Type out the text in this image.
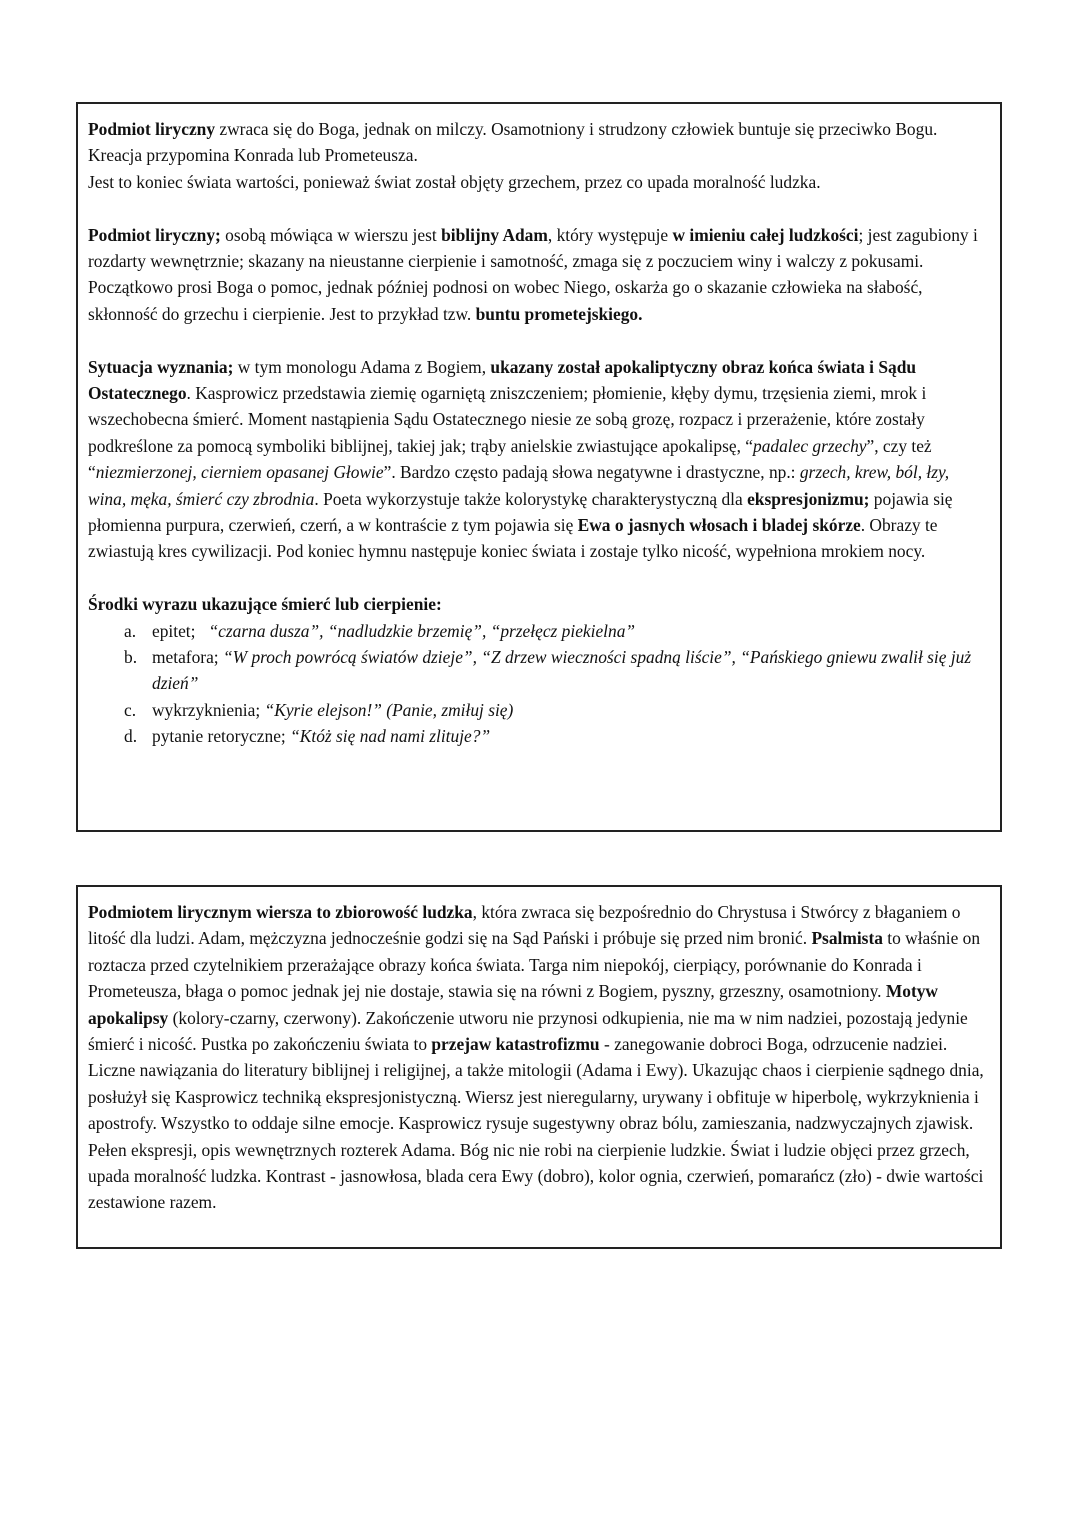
Podmiot liryczny zwraca się do Boga, jednak on milczy. Osamotniony i strudzony człowiek buntuje się przeciwko Bogu. Kreacja przypomina Konrada lub Prometeusza.
Jest to koniec świata wartości, ponieważ świat został objęty grzechem, przez co upada moralność ludzka.

Podmiot liryczny; osobą mówiąca w wierszu jest biblijny Adam, który występuje w imieniu całej ludzkości; jest zagubiony i rozdarty wewnętrznie; skazany na nieustanne cierpienie i samotność, zmaga się z poczuciem winy i walczy z pokusami. Początkowo prosi Boga o pomoc, jednak później podnosi on wobec Niego, oskarża go o skazanie człowieka na słabość, skłonność do grzechu i cierpienie. Jest to przykład tzw. buntu prometejskiego.

Sytuacja wyznania; w tym monologu Adama z Bogiem, ukazany został apokaliptyczny obraz końca świata i Sądu Ostatecznego. Kasprowicz przedstawia ziemię ogarniętą zniszczeniem; płomienie, kłęby dymu, trzęsienia ziemi, mrok i wszechobecna śmierć. Moment nastąpienia Sądu Ostatecznego niesie ze sobą grozę, rozpacz i przerażenie, które zostały podkreślone za pomocą symboliki biblijnej, takiej jak; trąby anielskie zwiastujące apokalipsę, “padalec grzechy”, czy też “niezmierzonej, cierniem opasanej Głowie”. Bardzo często padają słowa negatywne i drastyczne, np.: grzech, krew, ból, łzy, wina, męka, śmierć czy zbrodnia. Poeta wykorzystuje także kolorystykę charakterystyczną dla ekspresjonizmu; pojawia się płomienna purpura, czerwień, czerń, a w kontraście z tym pojawia się Ewa o jasnych włosach i bladej skórze. Obrazy te zwiastują kres cywilizacji. Pod koniec hymnu następuje koniec świata i zostaje tylko nicość, wypełniona mrokiem nocy.

Środki wyrazu ukazujące śmierć lub cierpienie:

a. epitet; “czarna dusza”, “nadludzkie brzemię”, “przełęcz piekielna”
b. metafora; “W proch powrócą światów dzieje”, “Z drzew wieczności spadną liście”, “Pańskiego gniewu zwalił się już dzień”
c. wykrzyknienia; “Kyrie elejson!” (Panie, zmiłuj się)
d. pytanie retoryczne; “Któż się nad nami zlituje?”

Podmiotem lirycznym wiersza to zbiorowość ludzka, która zwraca się bezpośrednio do Chrystusa i Stwórcy z błaganiem o litość dla ludzi. Adam, mężczyzna jednocześnie godzi się na Sąd Pański i próbuje się przed nim bronić. Psalmista to właśnie on roztacza przed czytelnikiem przerażające obrazy końca świata. Targa nim niepokój, cierpiący, porównanie do Konrada i Prometeusza, błaga o pomoc jednak jej nie dostaje, stawia się na równi z Bogiem, pyszny, grzeszny, osamotniony. Motyw apokalipsy (kolory-czarny, czerwony). Zakończenie utworu nie przynosi odkupienia, nie ma w nim nadziei, pozostają jedynie śmierć i nicość. Pustka po zakończeniu świata to przejaw katastrofizmu - zanegowanie dobroci Boga, odrzucenie nadziei. Liczne nawiązania do literatury biblijnej i religijnej, a także mitologii (Adama i Ewy). Ukazując chaos i cierpienie sądnego dnia, posłużył się Kasprowicz techniką ekspresjonistyczną. Wiersz jest nieregularny, urywany i obfituje w hiperbolę, wykrzyknienia i apostrofy. Wszystko to oddaje silne emocje. Kasprowicz rysuje sugestywny obraz bólu, zamieszania, nadzwyczajnych zjawisk. Pełen ekspresji, opis wewnętrznych rozterek Adama. Bóg nic nie robi na cierpienie ludzkie. Świat i ludzie objęci przez grzech, upada moralność ludzka. Kontrast - jasnowłosa, blada cera Ewy (dobro), kolor ognia, czerwień, pomarańcz (zło) - dwie wartości zestawione razem.
